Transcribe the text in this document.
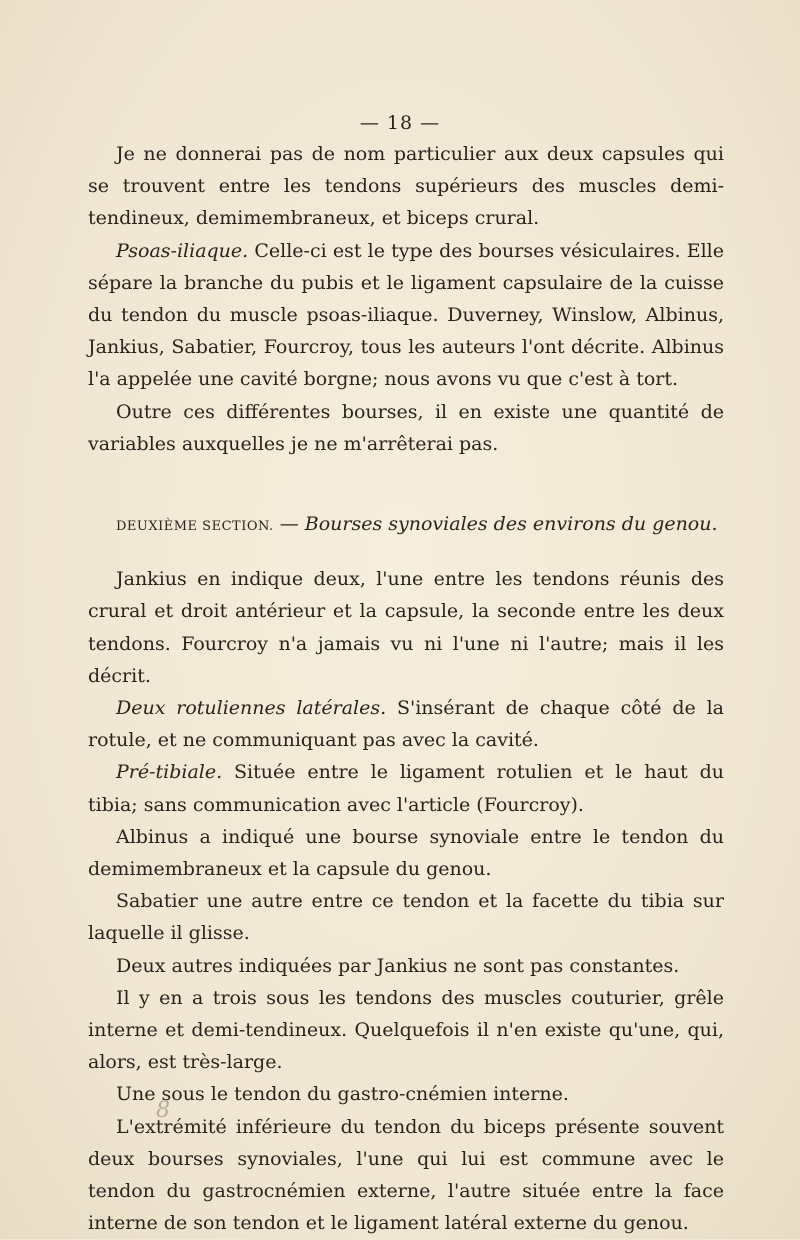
— 18 —

Je ne donnerai pas de nom particulier aux deux capsules qui se trouvent entre les tendons supérieurs des muscles demi-tendineux, demimembraneux, et biceps crural.

Psoas-iliaque. Celle-ci est le type des bourses vésiculaires. Elle sépare la branche du pubis et le ligament capsulaire de la cuisse du tendon du muscle psoas-iliaque. Duverney, Winslow, Albinus, Jankius, Sabatier, Fourcroy, tous les auteurs l'ont décrite. Albinus l'a appelée une cavité borgne; nous avons vu que c'est à tort.

Outre ces différentes bourses, il en existe une quantité de variables auxquelles je ne m'arrêterai pas.

DEUXIÈME SECTION. — Bourses synoviales des environs du genou.

Jankius en indique deux, l'une entre les tendons réunis des crural et droit antérieur et la capsule, la seconde entre les deux tendons. Fourcroy n'a jamais vu ni l'une ni l'autre; mais il les décrit.

Deux rotuliennes latérales. S'insérant de chaque côté de la rotule, et ne communiquant pas avec la cavité.

Pré-tibiale. Située entre le ligament rotulien et le haut du tibia; sans communication avec l'article (Fourcroy).

Albinus a indiqué une bourse synoviale entre le tendon du demimembraneux et la capsule du genou.

Sabatier une autre entre ce tendon et la facette du tibia sur laquelle il glisse.

Deux autres indiquées par Jankius ne sont pas constantes.

Il y en a trois sous les tendons des muscles couturier, grêle interne et demi-tendineux. Quelquefois il n'en existe qu'une, qui, alors, est très-large.

Une sous le tendon du gastro-cnémien interne.

L'extrémité inférieure du tendon du biceps présente souvent deux bourses synoviales, l'une qui lui est commune avec le tendon du gastrocnémien externe, l'autre située entre la face interne de son tendon et le ligament latéral externe du genou.

8
